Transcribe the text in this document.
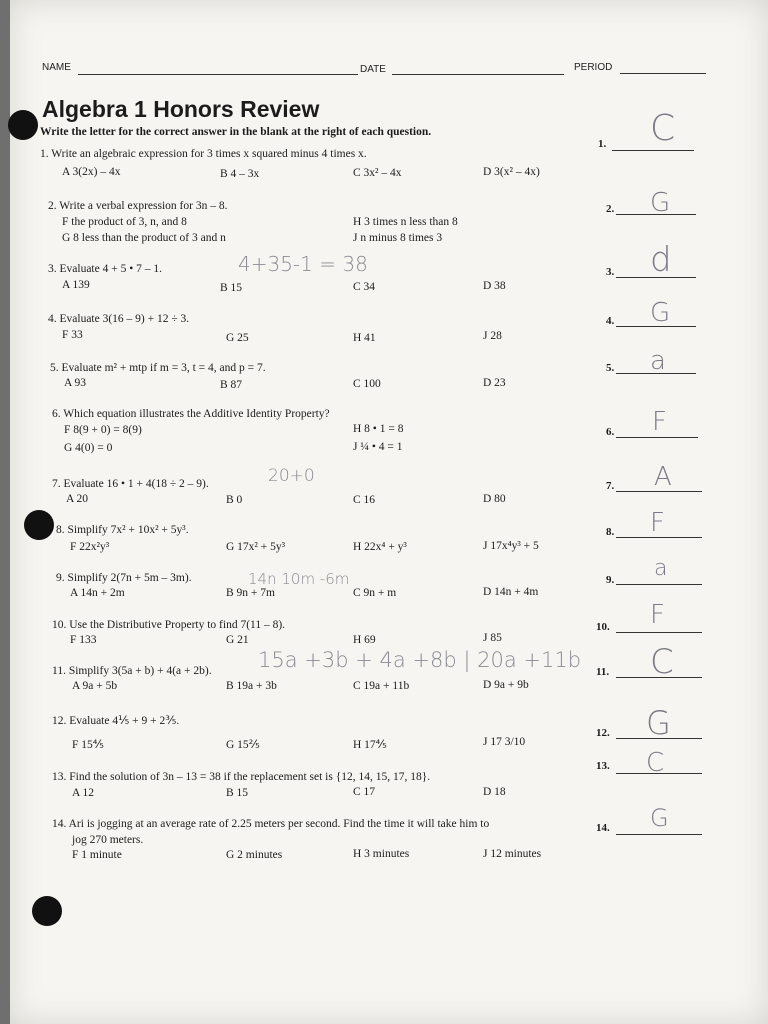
NAME	DATE	PERIOD
Algebra 1 Honors Review
Write the letter for the correct answer in the blank at the right of each question.
1. Write an algebraic expression for 3 times x squared minus 4 times x.
A 3(2x) – 4x	B 4 – 3x	C 3x² – 4x	D 3(x² – 4x)
1. C
2. Write a verbal expression for 3n – 8.
F the product of 3, n, and 8
G 8 less than the product of 3 and n
H 3 times n less than 8
J n minus 8 times 3
2. G
3. Evaluate 4 + 5 • 7 – 1.	4+35-1 = 38
A 139	B 15	C 34	D 38
3. d
4. Evaluate 3(16 – 9) + 12 ÷ 3.
F 33	G 25	H 41	J 28
4. G
5. Evaluate m² + mtp if m = 3, t = 4, and p = 7.
A 93	B 87	C 100	D 23
5. a
6. Which equation illustrates the Additive Identity Property?
F 8(9 + 0) = 8(9)
G 4(0) = 0
H 8 • 1 = 8
J ¼ • 4 = 1
6. F
7. Evaluate 16 • 1 + 4(18 ÷ 2 – 9).	20+0
A 20	B 0	C 16	D 80
7. A
8. Simplify 7x² + 10x² + 5y³.
F 22x²y³	G 17x² + 5y³	H 22x⁴ + y³	J 17x⁴y³ + 5
8. F
9. Simplify 2(7n + 5m – 3m).	14n 10m -6m
A 14n + 2m	B 9n + 7m	C 9n + m	D 14n + 4m
9. a
10. Use the Distributive Property to find 7(11 – 8).
F 133	G 21	H 69	J 85
10. F
11. Simplify 3(5a + b) + 4(a + 2b). 15a +3b + 4a +8b | 20a +11b
A 9a + 5b	B 19a + 3b	C 19a + 11b	D 9a + 9b
11. C
12. Evaluate 4⅕ + 9 + 2⅗.
F 15⅘	G 15⅖	H 17⅘	J 17 3/10
12. G
13. Find the solution of 3n – 13 = 38 if the replacement set is {12, 14, 15, 17, 18}.
A 12	B 15	C 17	D 18
13. C
14. Ari is jogging at an average rate of 2.25 meters per second. Find the time it will take him to
jog 270 meters.
F 1 minute	G 2 minutes	H 3 minutes	J 12 minutes
14. G
